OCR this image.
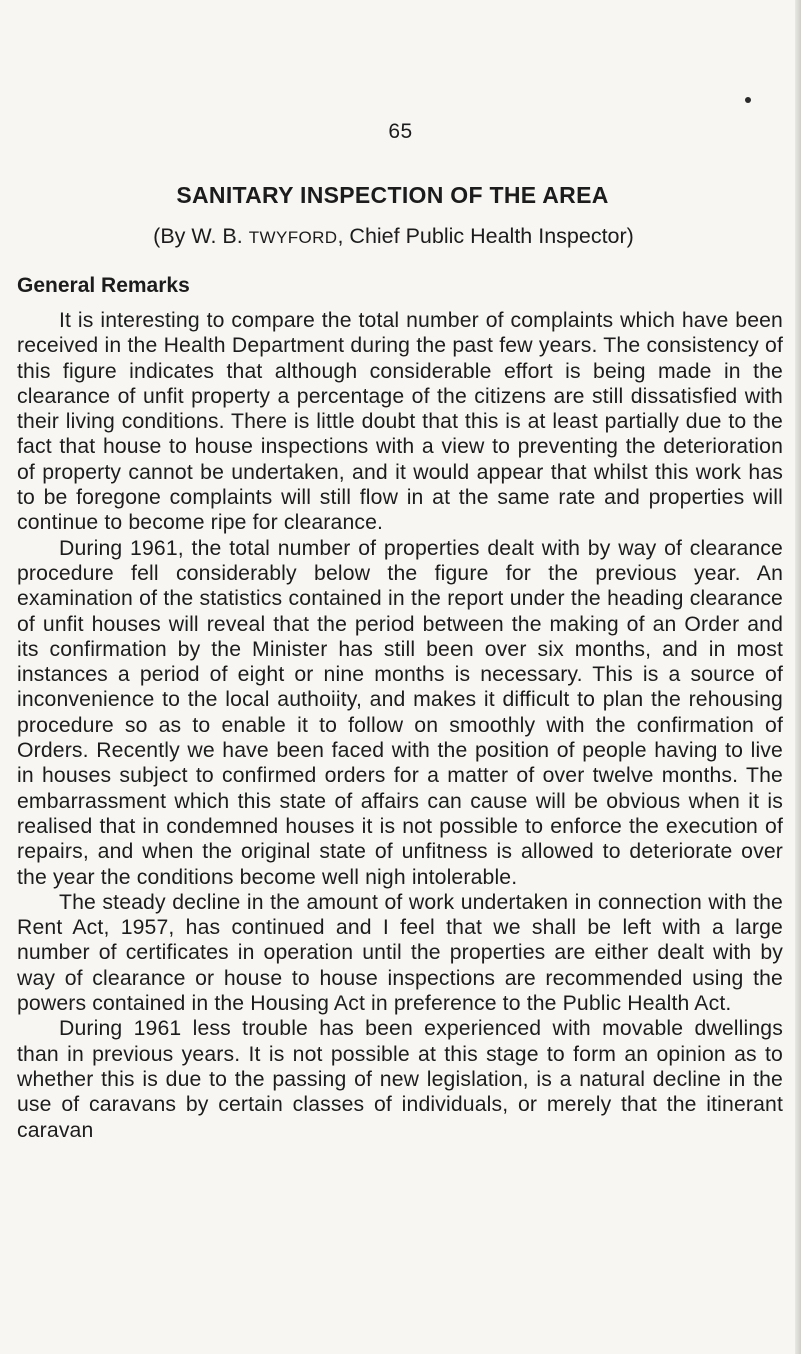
65
SANITARY INSPECTION OF THE AREA
(By W. B. TWYFORD, Chief Public Health Inspector)
General Remarks

It is interesting to compare the total number of complaints which have been received in the Health Department during the past few years. The consistency of this figure indicates that although considerable effort is being made in the clearance of unfit property a percentage of the citizens are still dissatisfied with their living conditions. There is little doubt that this is at least partially due to the fact that house to house inspections with a view to preventing the deterioration of property cannot be undertaken, and it would appear that whilst this work has to be foregone complaints will still flow in at the same rate and properties will continue to become ripe for clearance.

During 1961, the total number of properties dealt with by way of clearance procedure fell considerably below the figure for the previous year. An examination of the statistics contained in the report under the heading clearance of unfit houses will reveal that the period between the making of an Order and its confirmation by the Minister has still been over six months, and in most instances a period of eight or nine months is necessary. This is a source of inconvenience to the local authoiity, and makes it difficult to plan the rehousing procedure so as to enable it to follow on smoothly with the confirmation of Orders. Recently we have been faced with the position of people having to live in houses subject to confirmed orders for a matter of over twelve months. The embarrassment which this state of affairs can cause will be obvious when it is realised that in condemned houses it is not possible to enforce the execution of repairs, and when the original state of unfitness is allowed to deteriorate over the year the conditions become well nigh intolerable.

The steady decline in the amount of work undertaken in connection with the Rent Act, 1957, has continued and I feel that we shall be left with a large number of certificates in operation until the properties are either dealt with by way of clearance or house to house inspections are recommended using the powers contained in the Housing Act in preference to the Public Health Act.

During 1961 less trouble has been experienced with movable dwellings than in previous years. It is not possible at this stage to form an opinion as to whether this is due to the passing of new legislation, is a natural decline in the use of caravans by certain classes of individuals, or merely that the itinerant caravan
